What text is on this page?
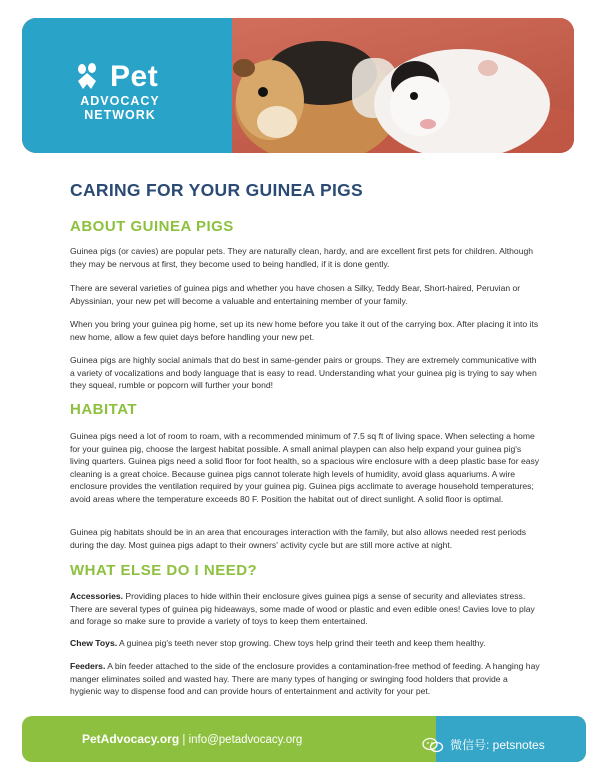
Pet
ADVOCACY
NETWORK
CARING FOR YOUR GUINEA PIGS
ABOUT GUINEA PIGS

Guinea pigs (or cavies) are popular pets. They are naturally clean, hardy, and are excellent first pets for children. Although they may be nervous at first, they become used to being handled, if it is done gently.

There are several varieties of guinea pigs and whether you have chosen a Silky, Teddy Bear, Short-haired, Peruvian or Abyssinian, your new pet will become a valuable and entertaining member of your family.

When you bring your guinea pig home, set up its new home before you take it out of the carrying box. After placing it into its new home, allow a few quiet days before handling your new pet.

Guinea pigs are highly social animals that do best in same-gender pairs or groups. They are extremely communicative with a variety of vocalizations and body language that is easy to read. Understanding what your guinea pig is trying to say when they squeal, rumble or popcorn will further your bond!

HABITAT

Guinea pigs need a lot of room to roam, with a recommended minimum of 7.5 sq ft of living space. When selecting a home for your guinea pig, choose the largest habitat possible. A small animal playpen can also help expand your guinea pig's living quarters. Guinea pigs need a solid floor for foot health, so a spacious wire enclosure with a deep plastic base for easy cleaning is a great choice. Because guinea pigs cannot tolerate high levels of humidity, avoid glass aquariums. A wire enclosure provides the ventilation required by your guinea pig. Guinea pigs acclimate to average household temperatures; avoid areas where the temperature exceeds 80 F. Position the habitat out of direct sunlight. A solid floor is optimal.

Guinea pig habitats should be in an area that encourages interaction with the family, but also allows needed rest periods during the day. Most guinea pigs adapt to their owners' activity cycle but are still more active at night.

WHAT ELSE DO I NEED?

Accessories. Providing places to hide within their enclosure gives guinea pigs a sense of security and alleviates stress. There are several types of guinea pig hideaways, some made of wood or plastic and even edible ones! Cavies love to play and forage so make sure to provide a variety of toys to keep them entertained.

Chew Toys. A guinea pig's teeth never stop growing. Chew toys help grind their teeth and keep them healthy.

Feeders. A bin feeder attached to the side of the enclosure provides a contamination-free method of feeding. A hanging hay manger eliminates soiled and wasted hay. There are many types of hanging or swinging food holders that provide a hygienic way to dispense food and can provide hours of entertainment and activity for your pet.

PetAdvocacy.org | info@petadvocacy.org	微信号: petsnotes
